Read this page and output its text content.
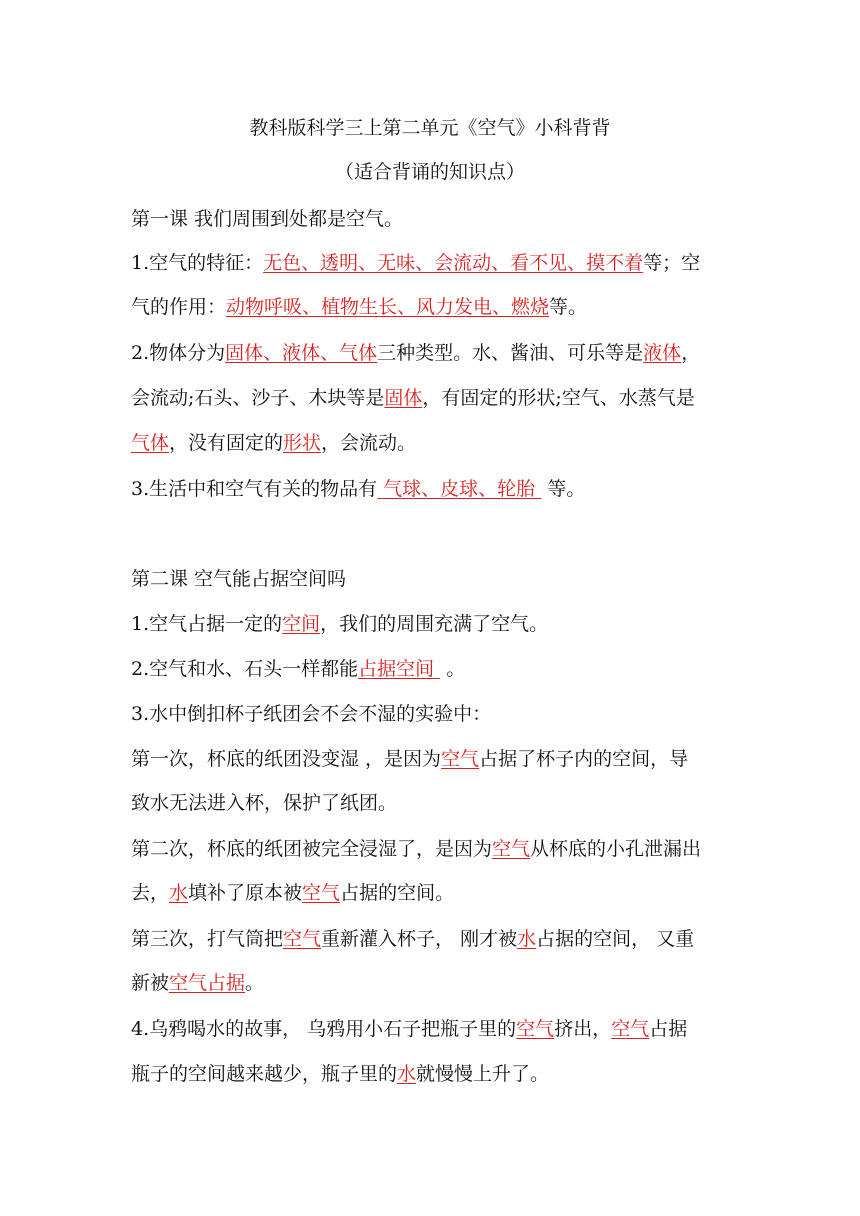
教科版科学三上第二单元《空气》小科背背
（适合背诵的知识点）
第一课 我们周围到处都是空气。
1.空气的特征：无色、透明、无味、会流动、看不见、摸不着等；空
气的作用：动物呼吸、植物生长、风力发电、燃烧等。
2.物体分为固体、液体、气体三种类型。水、酱油、可乐等是液体，
会流动;石头、沙子、木块等是固体，有固定的形状;空气、水蒸气是
气体，没有固定的形状，会流动。
3.生活中和空气有关的物品有 气球、皮球、轮胎  等。
第二课 空气能占据空间吗
1.空气占据一定的空间，我们的周围充满了空气。
2.空气和水、石头一样都能占据空间  。
3.水中倒扣杯子纸团会不会不湿的实验中：
第一次，杯底的纸团没变湿 ，是因为空气占据了杯子内的空间，导
致水无法进入杯，保护了纸团。
第二次，杯底的纸团被完全浸湿了，是因为空气从杯底的小孔泄漏出
去，水填补了原本被空气占据的空间。
第三次，打气筒把空气重新灌入杯子， 刚才被水占据的空间， 又重
新被空气占据。
4.乌鸦喝水的故事， 乌鸦用小石子把瓶子里的空气挤出，空气占据
瓶子的空间越来越少，瓶子里的水就慢慢上升了。
